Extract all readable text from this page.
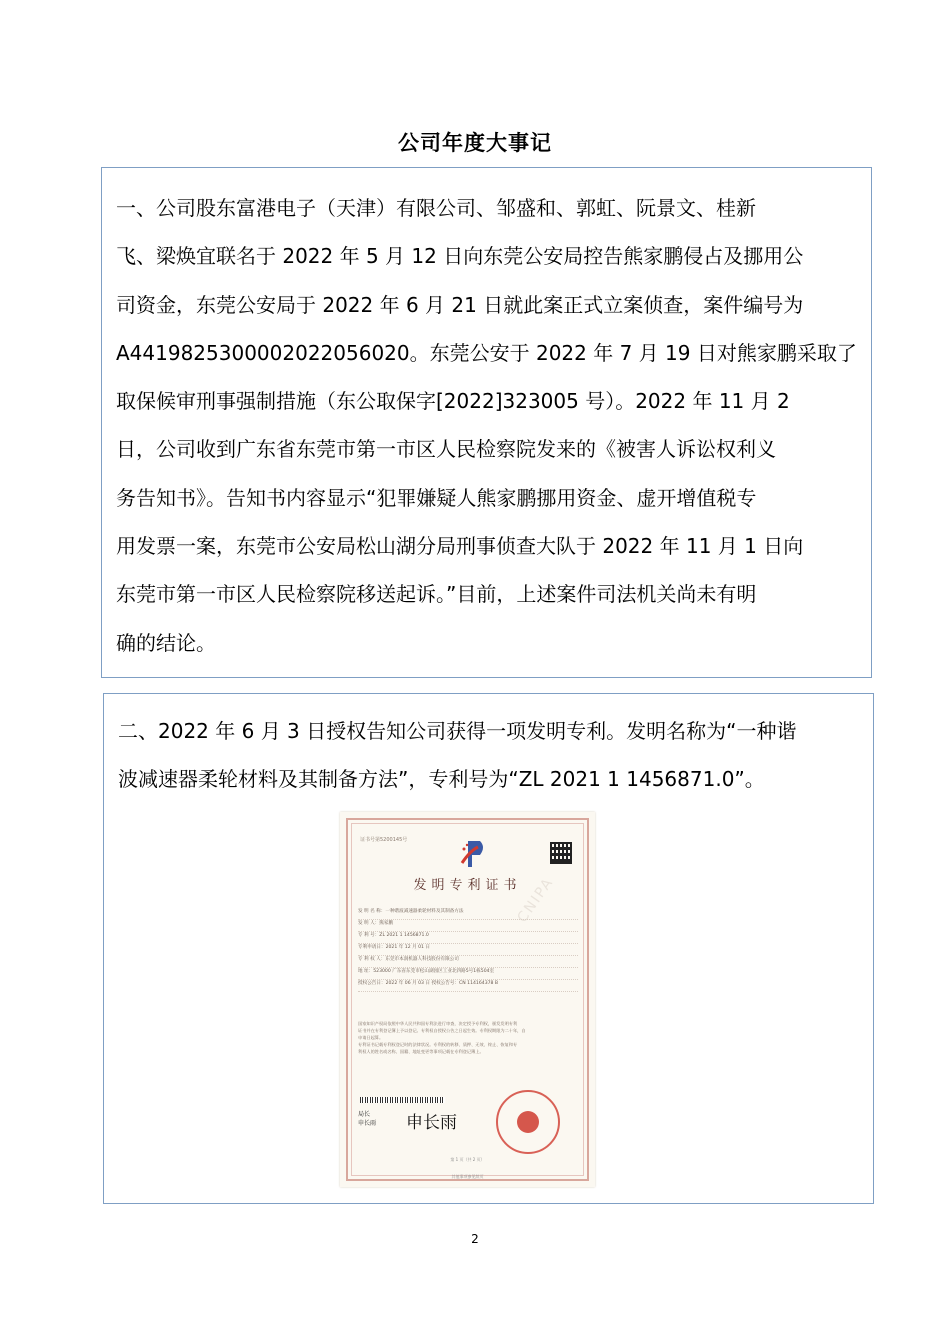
公司年度大事记

一、公司股东富港电子（天津）有限公司、邹盛和、郭虹、阮景文、桂新
飞、梁焕宜联名于 2022 年 5 月 12 日向东莞公安局控告熊家鹏侵占及挪用公
司资金，东莞公安局于 2022 年 6 月 21 日就此案正式立案侦查，案件编号为
A4419825300002022056020。东莞公安于 2022 年 7 月 19 日对熊家鹏采取了
取保候审刑事强制措施（东公取保字[2022]323005 号）。2022 年 11 月 2
日，公司收到广东省东莞市第一市区人民检察院发来的《被害人诉讼权利义
务告知书》。告知书内容显示“犯罪嫌疑人熊家鹏挪用资金、虚开增值税专
用发票一案，东莞市公安局松山湖分局刑事侦查大队于 2022 年 11 月 1 日向
东莞市第一市区人民检察院移送起诉。”目前，上述案件司法机关尚未有明
确的结论。

二、2022 年 6 月 3 日授权告知公司获得一项发明专利。发明名称为“一种谐
波减速器柔轮材料及其制备方法”，专利号为“ZL 2021 1 1456871.0”。

证书号第5200145号
CNIPA
发明专利证书
发 明 名 称：一种谐波减速器柔轮材料及其制备方法
发 明 人：熊家鹏
专 利 号：ZL 2021 1 1456871.0
专利申请日：2021 年 12 月 01 日
专 利 权 人：东莞市本润机器人科技股份有限公司
地 址：523000 广东省东莞市松山湖园区工业北四路5号1栋504室
授权公告日：2022 年 06 月 03 日 授权公告号：CN 114164378 B
国家知识产权局依照中华人民共和国专利法进行审查，决定授予专利权，颁发发明专利
证书并在专利登记簿上予以登记。专利权自授权公告之日起生效。专利权期限为二十年，自
申请日起算。
专利证书记载专利权登记时的法律状况。专利权的转移、质押、无效、终止、恢复和专
利权人的姓名或名称、国籍、地址变更等事项记载在专利登记簿上。
局长
申长雨 申长雨
第 1 页（共 2 页）
其他事项参见续页
2
